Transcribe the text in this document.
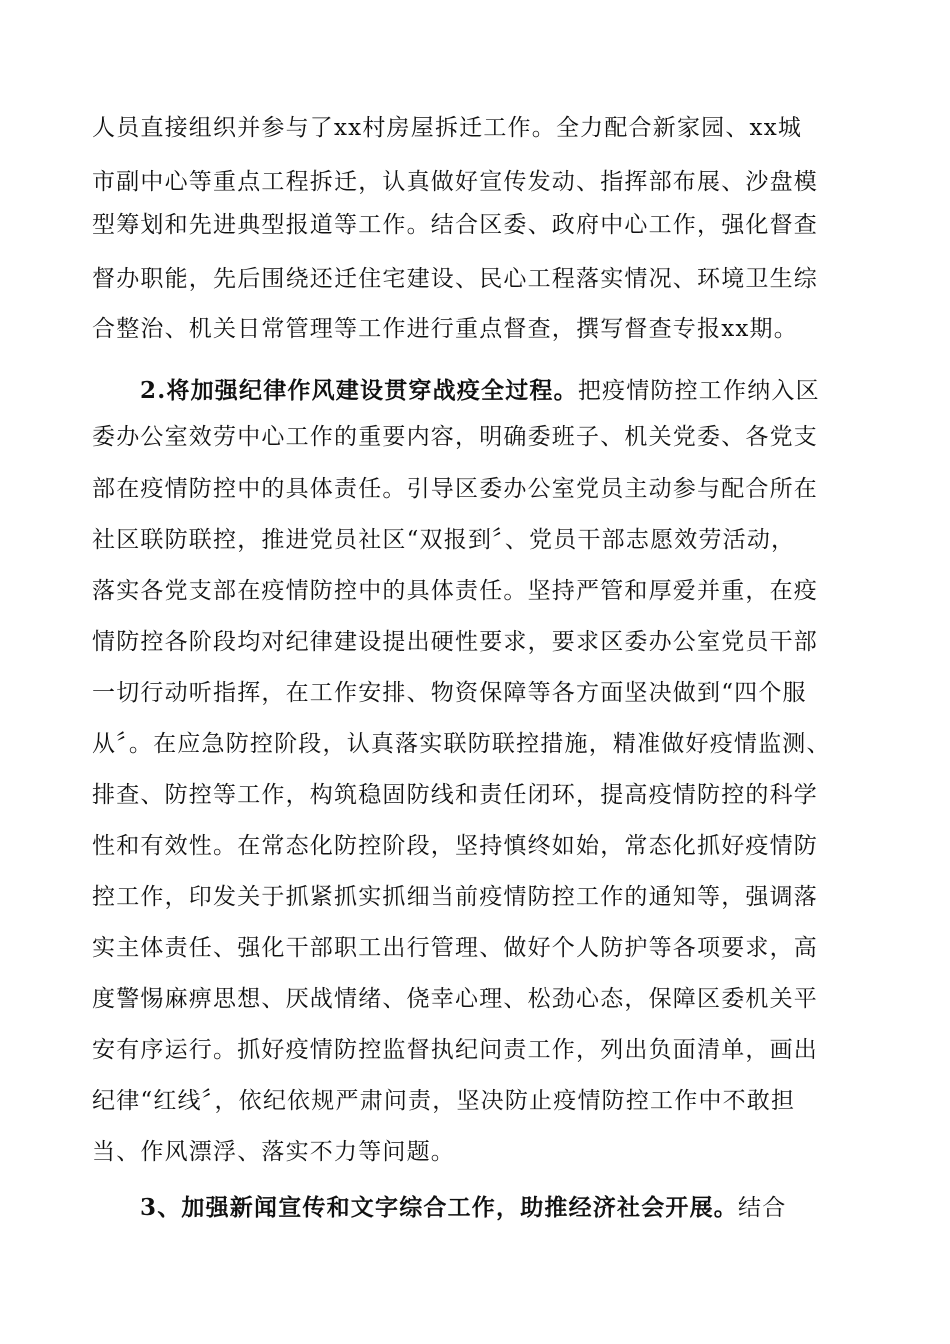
人员直接组织并参与了xx村房屋拆迁工作。全力配合新家园、xx城
市副中心等重点工程拆迁，认真做好宣传发动、指挥部布展、沙盘模
型筹划和先进典型报道等工作。结合区委、政府中心工作，强化督查
督办职能，先后围绕还迁住宅建设、民心工程落实情况、环境卫生综
合整治、机关日常管理等工作进行重点督查，撰写督查专报xx期。
2.将加强纪律作风建设贯穿战疫全过程。把疫情防控工作纳入区
委办公室效劳中心工作的重要内容，明确委班子、机关党委、各党支
部在疫情防控中的具体责任。引导区委办公室党员主动参与配合所在
社区联防联控，推进党员社区“双报到〞、党员干部志愿效劳活动，
落实各党支部在疫情防控中的具体责任。坚持严管和厚爱并重，在疫
情防控各阶段均对纪律建设提出硬性要求，要求区委办公室党员干部
一切行动听指挥，在工作安排、物资保障等各方面坚决做到“四个服
从〞。在应急防控阶段，认真落实联防联控措施，精准做好疫情监测、
排查、防控等工作，构筑稳固防线和责任闭环，提高疫情防控的科学
性和有效性。在常态化防控阶段，坚持慎终如始，常态化抓好疫情防
控工作，印发关于抓紧抓实抓细当前疫情防控工作的通知等，强调落
实主体责任、强化干部职工出行管理、做好个人防护等各项要求，高
度警惕麻痹思想、厌战情绪、侥幸心理、松劲心态，保障区委机关平
安有序运行。抓好疫情防控监督执纪问责工作，列出负面清单，画出
纪律“红线〞，依纪依规严肃问责，坚决防止疫情防控工作中不敢担
当、作风漂浮、落实不力等问题。
3、加强新闻宣传和文字综合工作，助推经济社会开展。结合
